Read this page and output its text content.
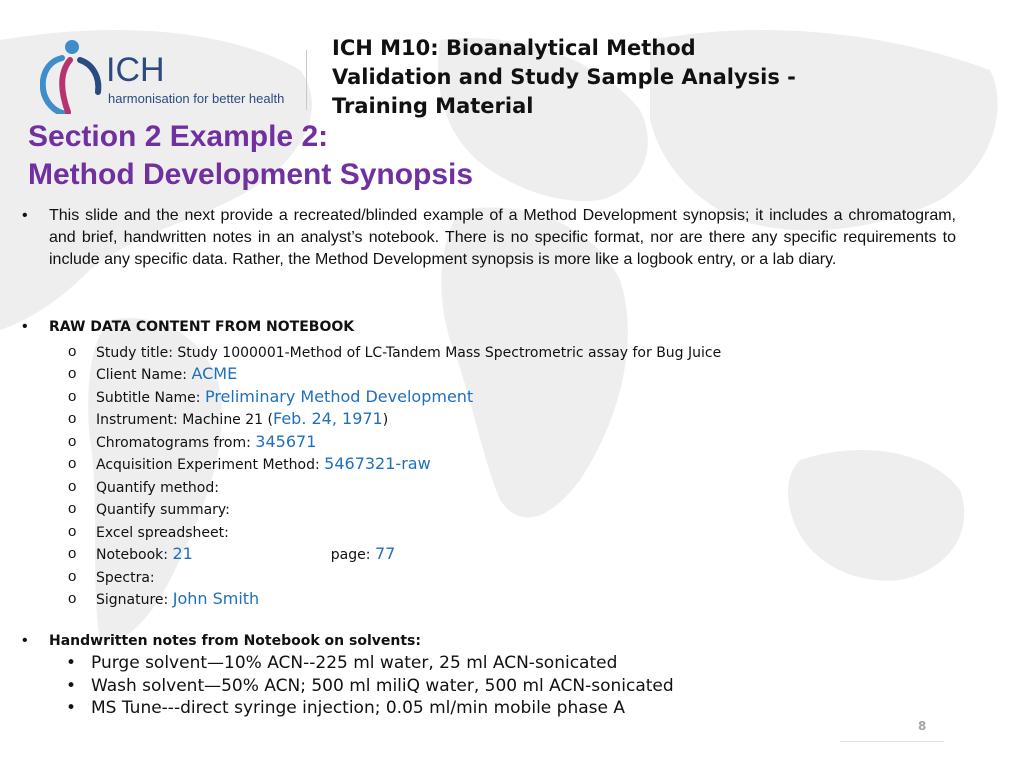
ICH
harmonisation for better health
ICH M10: Bioanalytical Method
Validation and Study Sample Analysis -
Training Material
Section 2 Example 2:
Method Development Synopsis
•	This slide and the next provide a recreated/blinded example of a Method Development synopsis; it includes a chromatogram, and brief, handwritten notes in an analyst’s notebook. There is no specific format, nor are there any specific requirements to include any specific data. Rather, the Method Development synopsis is more like a logbook entry, or a lab diary.
•	RAW DATA CONTENT FROM NOTEBOOK
o	Study title: Study 1000001-Method of LC-Tandem Mass Spectrometric assay for Bug Juice
o	Client Name:
ACME
o	Subtitle Name:
Preliminary Method Development
o	Instrument: Machine 21 ( Feb. 24, 1971 )
o	Chromatograms from:
345671
o	Acquisition Experiment Method:
5467321-raw
o	Quantify method:
o	Quantify summary:
o	Excel spreadsheet:
o	Notebook:
21	page:
77
o	Spectra:
o	Signature:
John Smith
•	Handwritten notes from Notebook on solvents:
• Purge solvent—10% ACN--225 ml water, 25 ml ACN-sonicated
• Wash solvent—50% ACN; 500 ml miliQ water, 500 ml ACN-sonicated
• MS Tune---direct syringe injection; 0.05 ml/min mobile phase A
8
